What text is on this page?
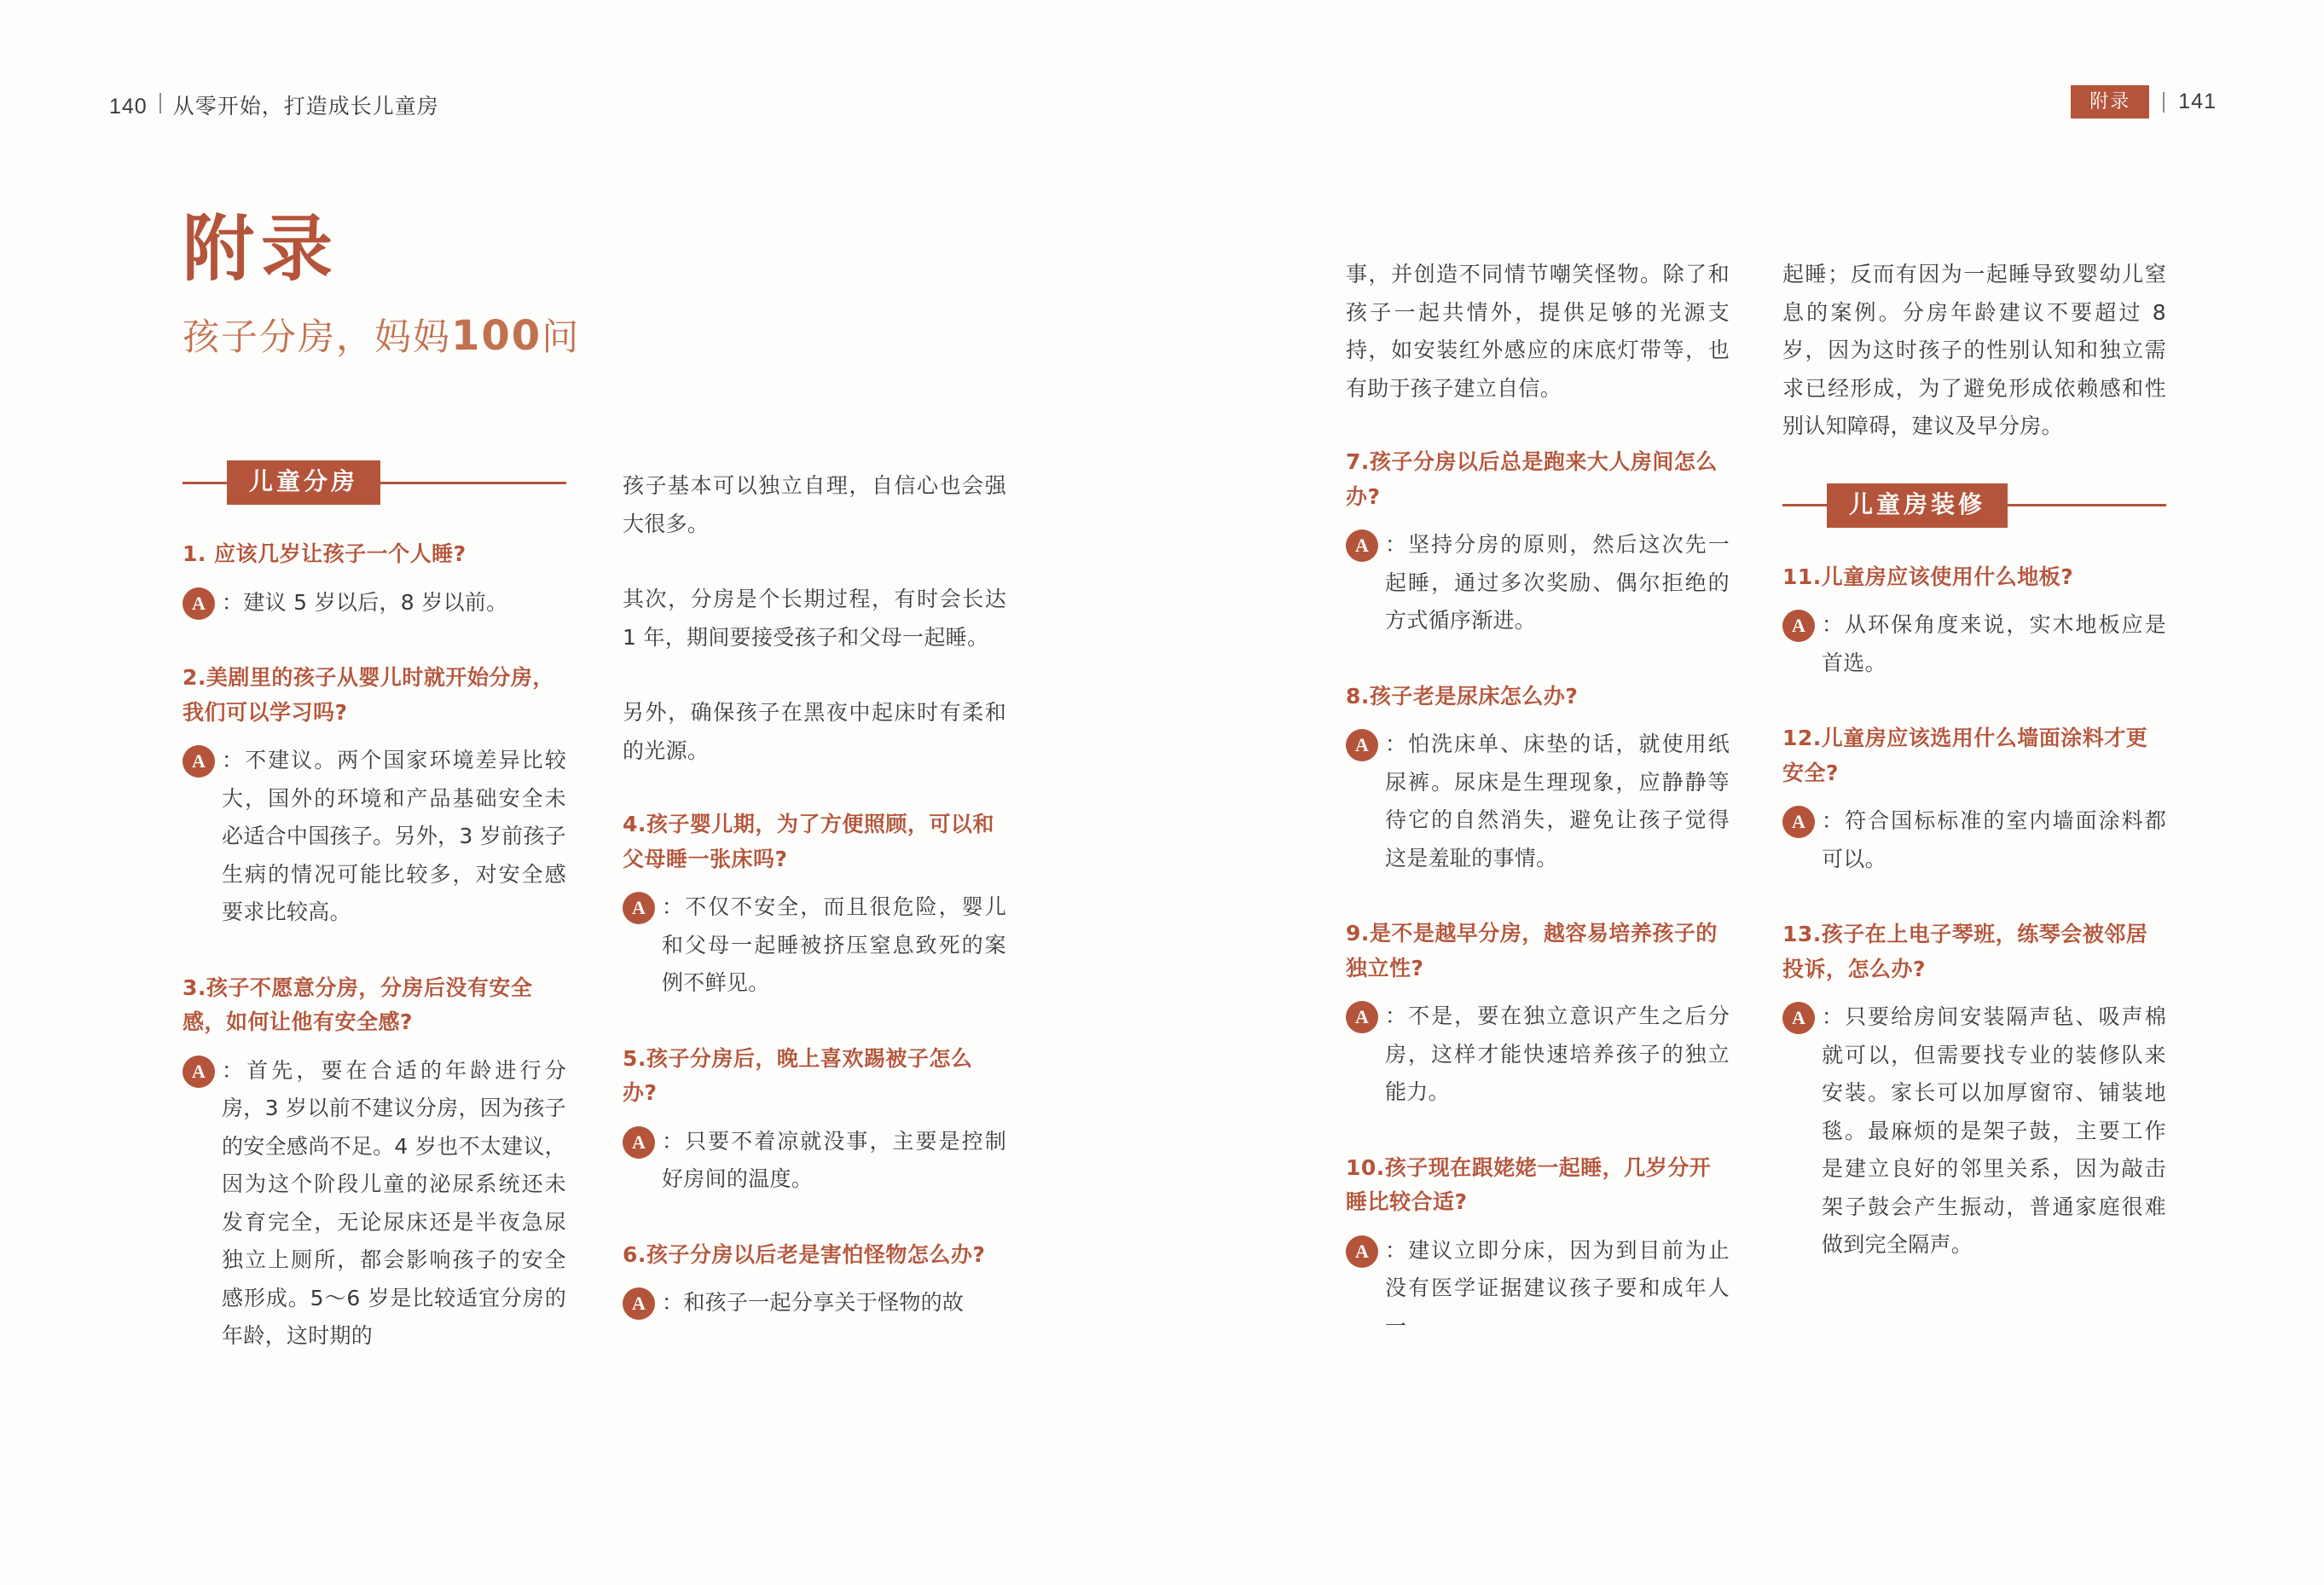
140 从零开始，打造成长儿童房	附录	141
附录
孩子分房，妈妈100问
儿童分房
1. 应该几岁让孩子一个人睡?
A	： 建议 5 岁以后，8 岁以前。
2.美剧里的孩子从婴儿时就开始分房，我们可以学习吗?
A	： 不建议。两个国家环境差异比较大，国外的环境和产品基础安全未必适合中国孩子。另外，3 岁前孩子生病的情况可能比较多，对安全感要求比较高。
3.孩子不愿意分房，分房后没有安全感，如何让他有安全感?
A	： 首先，要在合适的年龄进行分房，3 岁以前不建议分房，因为孩子的安全感尚不足。4 岁也不太建议，因为这个阶段儿童的泌尿系统还未发育完全，无论尿床还是半夜急尿独立上厕所，都会影响孩子的安全感形成。5～6 岁是比较适宜分房的年龄，这时期的
孩子基本可以独立自理，自信心也会强大很多。
其次，分房是个长期过程，有时会长达 1 年，期间要接受孩子和父母一起睡。
另外，确保孩子在黑夜中起床时有柔和的光源。
4.孩子婴儿期，为了方便照顾，可以和父母睡一张床吗?
A	： 不仅不安全，而且很危险，婴儿和父母一起睡被挤压窒息致死的案例不鲜见。
5.孩子分房后，晚上喜欢踢被子怎么办?
A	： 只要不着凉就没事，主要是控制好房间的温度。
6.孩子分房以后老是害怕怪物怎么办?
A	： 和孩子一起分享关于怪物的故
事，并创造不同情节嘲笑怪物。除了和孩子一起共情外，提供足够的光源支持，如安装红外感应的床底灯带等，也有助于孩子建立自信。
7.孩子分房以后总是跑来大人房间怎么办?
A	： 坚持分房的原则，然后这次先一起睡，通过多次奖励、偶尔拒绝的方式循序渐进。
8.孩子老是尿床怎么办?
A	： 怕洗床单、床垫的话，就使用纸尿裤。尿床是生理现象，应静静等待它的自然消失，避免让孩子觉得这是羞耻的事情。
9.是不是越早分房，越容易培养孩子的独立性?
A	： 不是，要在独立意识产生之后分房，这样才能快速培养孩子的独立能力。
10.孩子现在跟姥姥一起睡，几岁分开睡比较合适?
A	： 建议立即分床，因为到目前为止没有医学证据建议孩子要和成年人一
起睡；反而有因为一起睡导致婴幼儿窒息的案例。分房年龄建议不要超过 8 岁，因为这时孩子的性别认知和独立需求已经形成，为了避免形成依赖感和性别认知障碍，建议及早分房。
儿童房装修
11.儿童房应该使用什么地板?
A	： 从环保角度来说，实木地板应是首选。
12.儿童房应该选用什么墙面涂料才更安全?
A	： 符合国标标准的室内墙面涂料都可以。
13.孩子在上电子琴班，练琴会被邻居投诉，怎么办?
A	： 只要给房间安装隔声毡、吸声棉就可以，但需要找专业的装修队来安装。家长可以加厚窗帘、铺装地毯。最麻烦的是架子鼓，主要工作是建立良好的邻里关系，因为敲击架子鼓会产生振动，普通家庭很难做到完全隔声。
